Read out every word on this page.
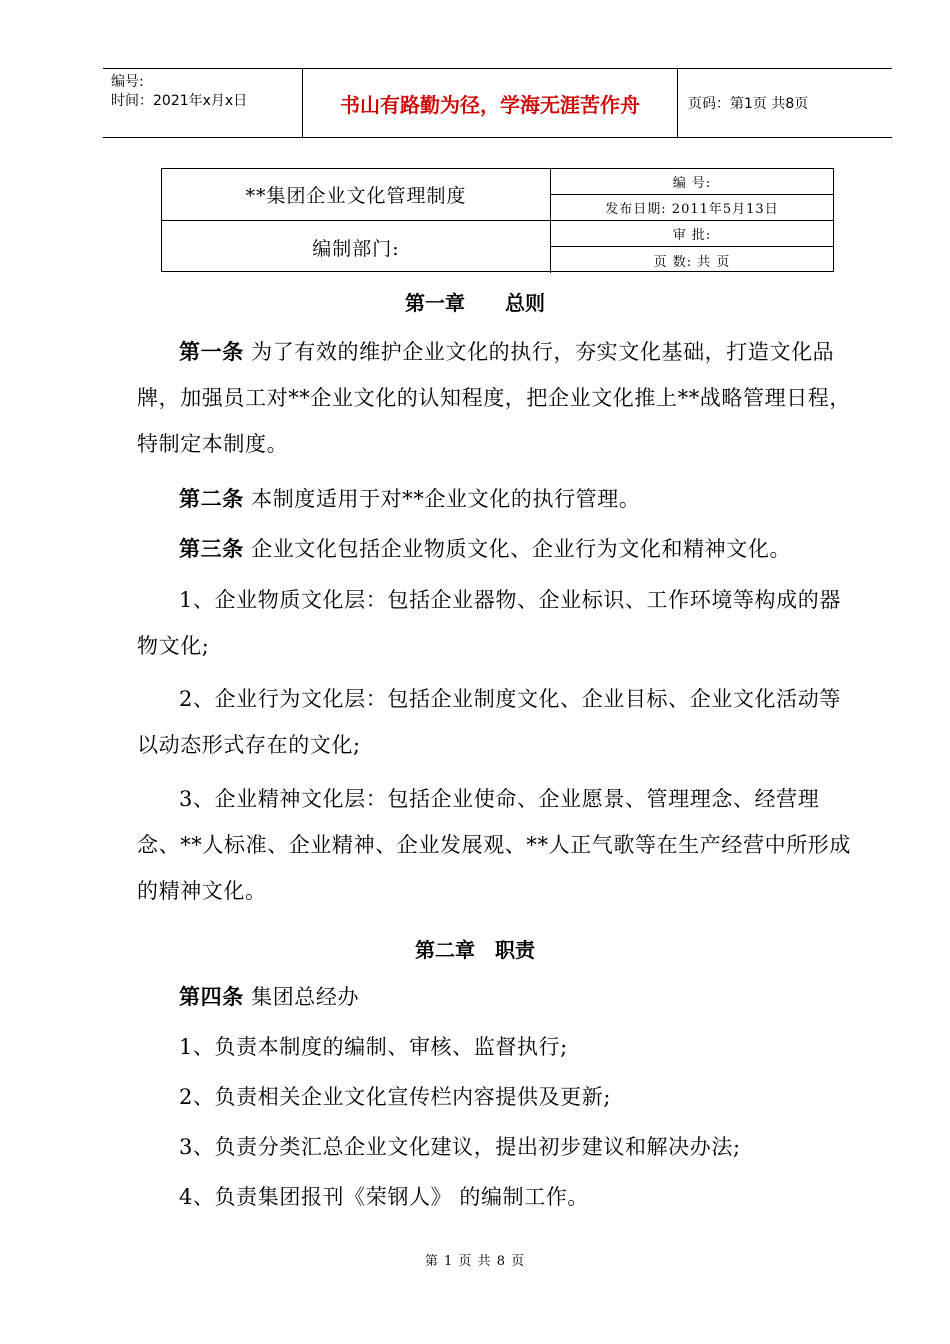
编号:
时间：2021年x月x日	书山有路勤为径，学海无涯苦作舟	页码：第1页 共8页
**集团企业文化管理制度
编 号:
发布日期: 2011年5月13日
编制部门:
审 批:
页 数: 共 页
第一章　　总则
第一条 为了有效的维护企业文化的执行，夯实文化基础，打造文化品牌，加强员工对**企业文化的认知程度，把企业文化推上**战略管理日程，特制定本制度。
第二条 本制度适用于对**企业文化的执行管理。
第三条 企业文化包括企业物质文化、企业行为文化和精神文化。
1、企业物质文化层：包括企业器物、企业标识、工作环境等构成的器物文化;
2、企业行为文化层：包括企业制度文化、企业目标、企业文化活动等以动态形式存在的文化;
3、企业精神文化层：包括企业使命、企业愿景、管理理念、经营理念、**人标准、企业精神、企业发展观、**人正气歌等在生产经营中所形成的精神文化。
第二章　职责
第四条 集团总经办
1、负责本制度的编制、审核、监督执行;
2、负责相关企业文化宣传栏内容提供及更新;
3、负责分类汇总企业文化建议，提出初步建议和解决办法;
4、负责集团报刊《荣钢人》 的编制工作。
第 1 页 共 8 页
